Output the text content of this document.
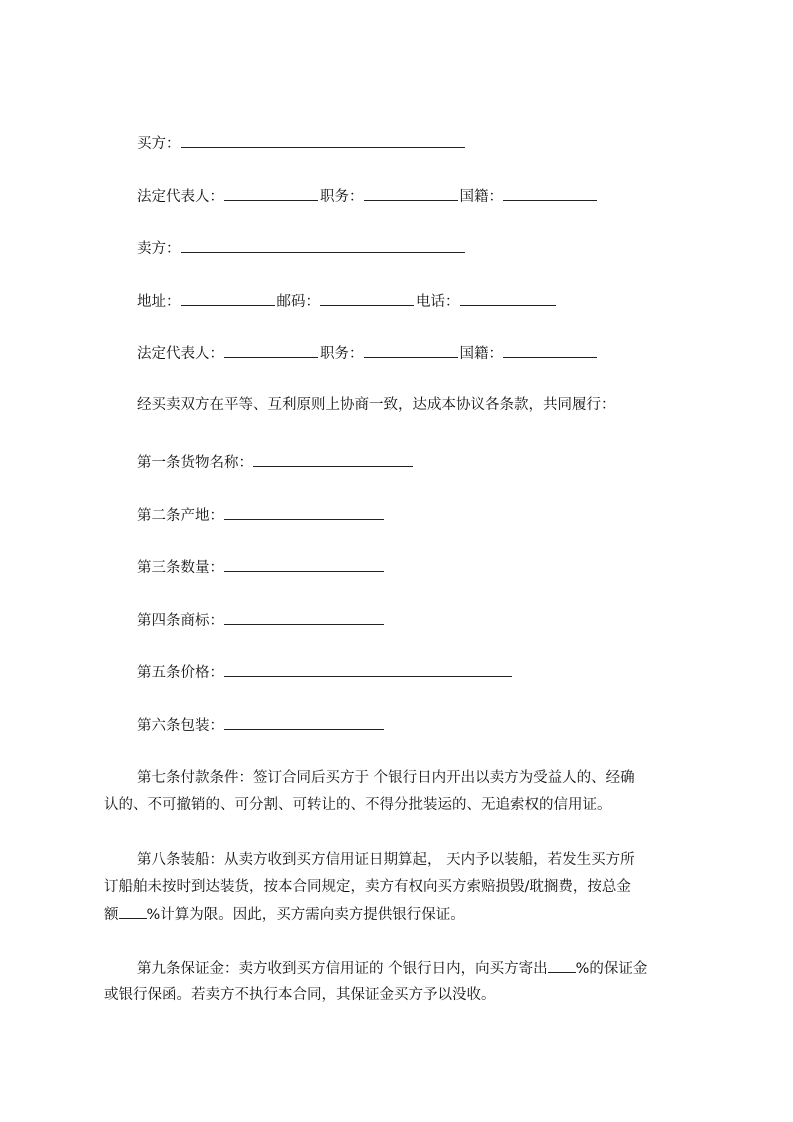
买方：
法定代表人：	职务：	国籍：
卖方：
地址：	邮码：	电话：
法定代表人：	职务：	国籍：
经买卖双方在平等、互利原则上协商一致，达成本协议各条款，共同履行：
第一条货物名称：
第二条产地：
第三条数量：
第四条商标：
第五条价格：
第六条包装：
第七条付款条件：签订合同后买方于 个银行日内开出以卖方为受益人的、经确
认的、不可撤销的、可分割、可转让的、不得分批装运的、无追索权的信用证。
第八条装船：从卖方收到买方信用证日期算起， 天内予以装船，若发生买方所
订船舶未按时到达装货，按本合同规定，卖方有权向买方索赔损毁/耽搁费，按总金
额 %计算为限。因此，买方需向卖方提供银行保证。
第九条保证金：卖方收到买方信用证的 个银行日内，向买方寄出 %的保证金
或银行保函。若卖方不执行本合同，其保证金买方予以没收。
